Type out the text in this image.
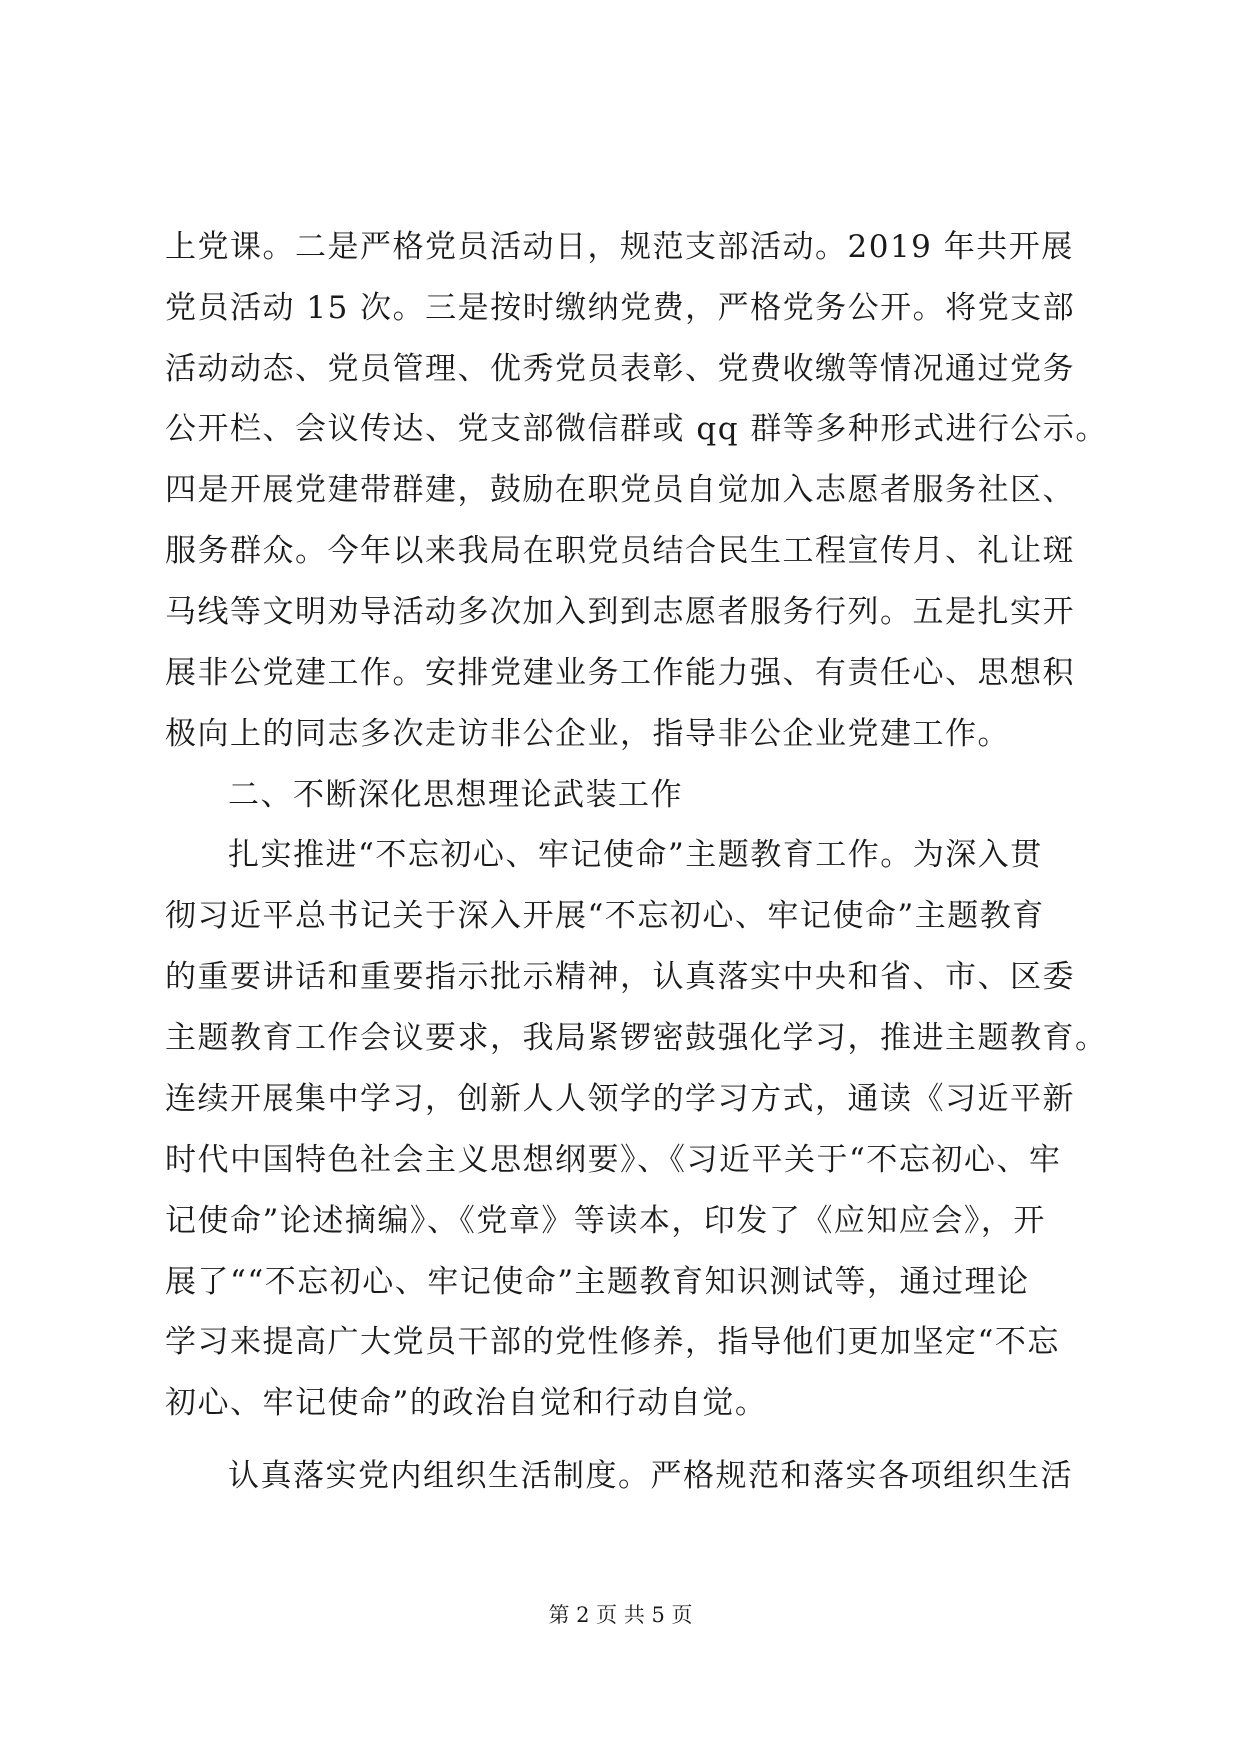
上党课。二是严格党员活动日，规范支部活动。2019 年共开展
党员活动 15 次。三是按时缴纳党费，严格党务公开。将党支部
活动动态、党员管理、优秀党员表彰、党费收缴等情况通过党务
公开栏、会议传达、党支部微信群或 qq 群等多种形式进行公示。
四是开展党建带群建，鼓励在职党员自觉加入志愿者服务社区、
服务群众。今年以来我局在职党员结合民生工程宣传月、礼让斑
马线等文明劝导活动多次加入到到志愿者服务行列。五是扎实开
展非公党建工作。安排党建业务工作能力强、有责任心、思想积
极向上的同志多次走访非公企业，指导非公企业党建工作。
二、不断深化思想理论武装工作
扎实推进“不忘初心、牢记使命”主题教育工作。为深入贯
彻习近平总书记关于深入开展“不忘初心、牢记使命”主题教育
的重要讲话和重要指示批示精神，认真落实中央和省、市、区委
主题教育工作会议要求，我局紧锣密鼓强化学习，推进主题教育。
连续开展集中学习，创新人人领学的学习方式，通读《习近平新
时代中国特色社会主义思想纲要》、《习近平关于“不忘初心、牢
记使命”论述摘编》、《党章》等读本，印发了《应知应会》，开
展了““不忘初心、牢记使命”主题教育知识测试等，通过理论
学习来提高广大党员干部的党性修养，指导他们更加坚定“不忘
初心、牢记使命”的政治自觉和行动自觉。
认真落实党内组织生活制度。严格规范和落实各项组织生活
第 2 页 共 5 页
